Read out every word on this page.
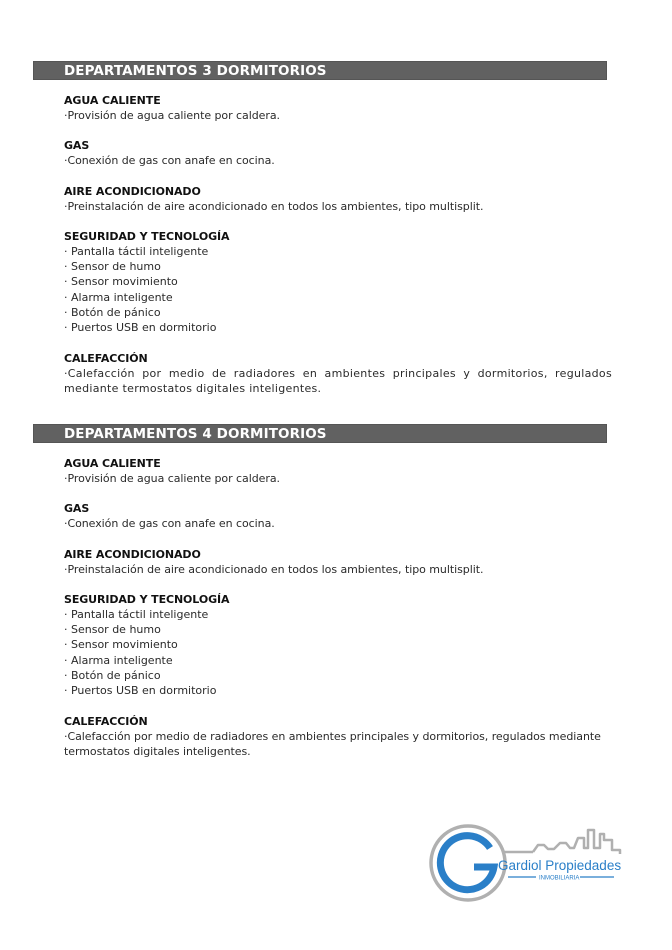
DEPARTAMENTOS 3 DORMITORIOS
AGUA CALIENTE
·Provisión de agua caliente por caldera.
GAS
·Conexión de gas con anafe en cocina.
AIRE ACONDICIONADO
·Preinstalación de aire acondicionado en todos los ambientes, tipo multisplit.
SEGURIDAD Y TECNOLOGÍA
· Pantalla táctil inteligente
· Sensor de humo
· Sensor movimiento
· Alarma inteligente
· Botón de pánico
· Puertos USB en dormitorio
CALEFACCIÓN
·Calefacción por medio de radiadores en ambientes principales y dormitorios, regulados mediante termostatos digitales inteligentes.
DEPARTAMENTOS 4 DORMITORIOS
AGUA CALIENTE
·Provisión de agua caliente por caldera.
GAS
·Conexión de gas con anafe en cocina.
AIRE ACONDICIONADO
·Preinstalación de aire acondicionado en todos los ambientes, tipo multisplit.
SEGURIDAD Y TECNOLOGÍA
· Pantalla táctil inteligente
· Sensor de humo
· Sensor movimiento
· Alarma inteligente
· Botón de pánico
· Puertos USB en dormitorio
CALEFACCIÓN
·Calefacción por medio de radiadores en ambientes principales y dormitorios, regulados mediante termostatos digitales inteligentes.
Gardiol Propiedades
INMOBILIARIA
